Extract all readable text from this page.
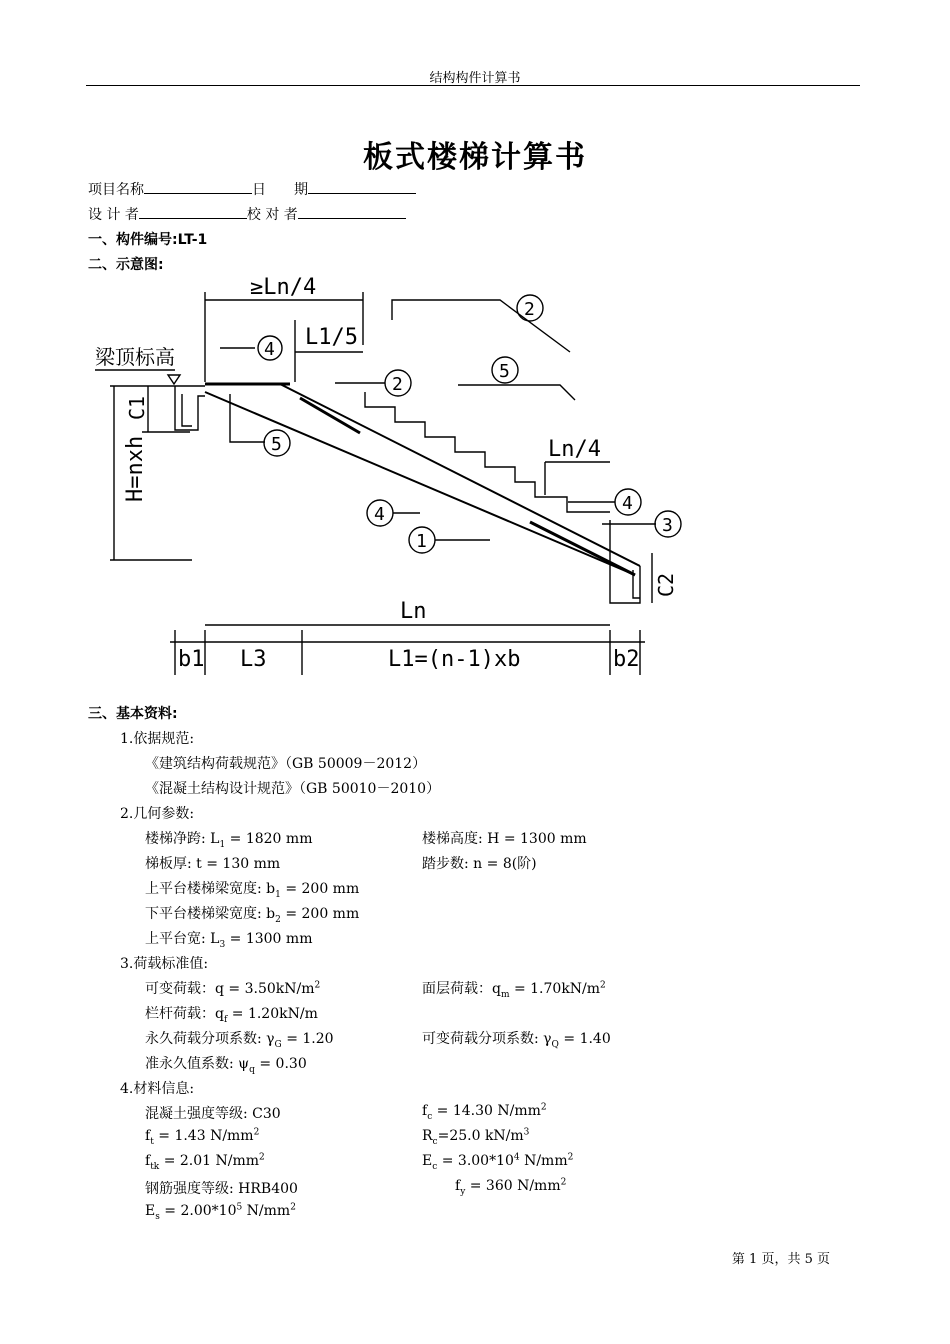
结构构件计算书
板式楼梯计算书
项目名称	日　　期
设 计 者	校 对 者
一、构件编号:LT-1
二、示意图:
≥Ln/4
L1/5
梁顶标高
C1
H=nxh	Ln/4
C2
Ln
b1 L3	L1=(n-1)xb	b2
4
2
5
2
5
4
1
4
3
三、基本资料:
1.依据规范:
《建筑结构荷载规范》（GB 50009－2012）
《混凝土结构设计规范》（GB 50010－2010）
2.几何参数:
楼梯净跨: $L_1 = 1820$ mm	楼梯高度: H = 1300 mm
梯板厚: t = 130 mm	踏步数: n = 8(阶)
上平台楼梯梁宽度: $b_1 = 200$ mm
下平台楼梯梁宽度: $b_2 = 200$ mm
上平台宽: $L_3 = 1300$ mm
3.荷载标准值:
可变荷载：$q = 3.50kN/m^2$	面层荷载：$q_m = 1.70kN/m^2$
栏杆荷载：$q_f = 1.20kN/m$
永久荷载分项系数: $\gamma_G = 1.20$	可变荷载分项系数: $\gamma_Q = 1.40$
准永久值系数: $\psi_q = 0.30$
4.材料信息:
混凝土强度等级: C30	$f_c = 14.30$ $N/mm^2$
$f_t = 1.43$ $N/mm^2$	$R_c=25.0$ $kN/m^3$
$f_{tk} = 2.01$ $N/mm^2$	$E_c = 3.00*10^4$ $N/mm^2$
钢筋强度等级: HRB400	$f_y = 360$ $N/mm^2$
$E_s = 2.00*10^5$ $N/mm^2$
第 1 页，共 5 页
